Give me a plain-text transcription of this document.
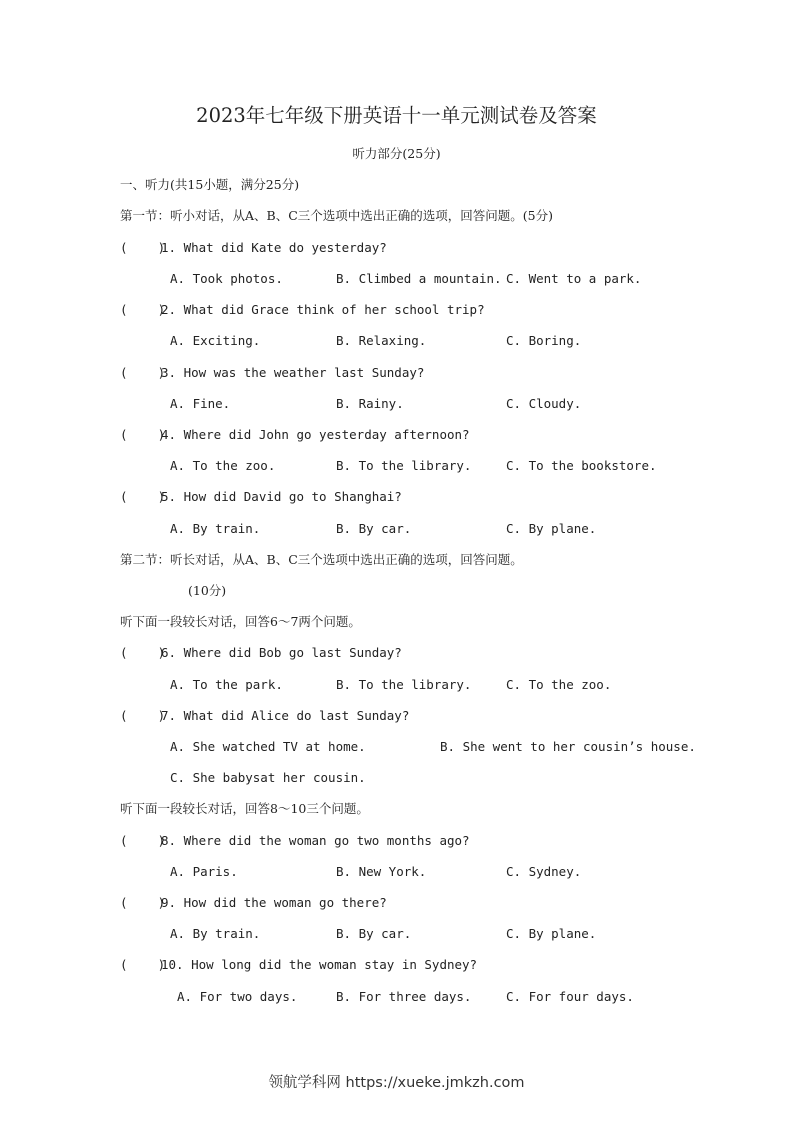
2023年七年级下册英语十一单元测试卷及答案
听力部分(25分)
一、听力(共15小题，满分25分)
第一节：听小对话，从A、B、C三个选项中选出正确的选项，回答问题。(5分)
(    )
1. What did Kate do yesterday?
A. Took photos.	B. Climbed a mountain. C. Went to a park.
(    )
2. What did Grace think of her school trip?
A. Exciting.	B. Relaxing.	C. Boring.
(    )
3. How was the weather last Sunday?
A. Fine.	B. Rainy.	C. Cloudy.
(    )
4. Where did John go yesterday afternoon?
A. To the zoo.	B. To the library.	C. To the bookstore.
(    )
5. How did David go to Shanghai?
A. By train.	B. By car.	C. By plane.
第二节：听长对话，从A、B、C三个选项中选出正确的选项，回答问题。
(10分)
听下面一段较长对话，回答6～7两个问题。
(    )
6. Where did Bob go last Sunday?
A. To the park.	B. To the library.	C. To the zoo.
(    )
7. What did Alice do last Sunday?
A. She watched TV at home.	B. She went to her cousin’s house.
C. She babysat her cousin.
听下面一段较长对话，回答8～10三个问题。
(    )
8. Where did the woman go two months ago?
A. Paris.	B. New York.	C. Sydney.
(    )
9. How did the woman go there?
A. By train.	B. By car.	C. By plane.
(    )
10. How long did the woman stay in Sydney?
A. For two days.	B. For three days.	C. For four days.
领航学科网 https://xueke.jmkzh.com
